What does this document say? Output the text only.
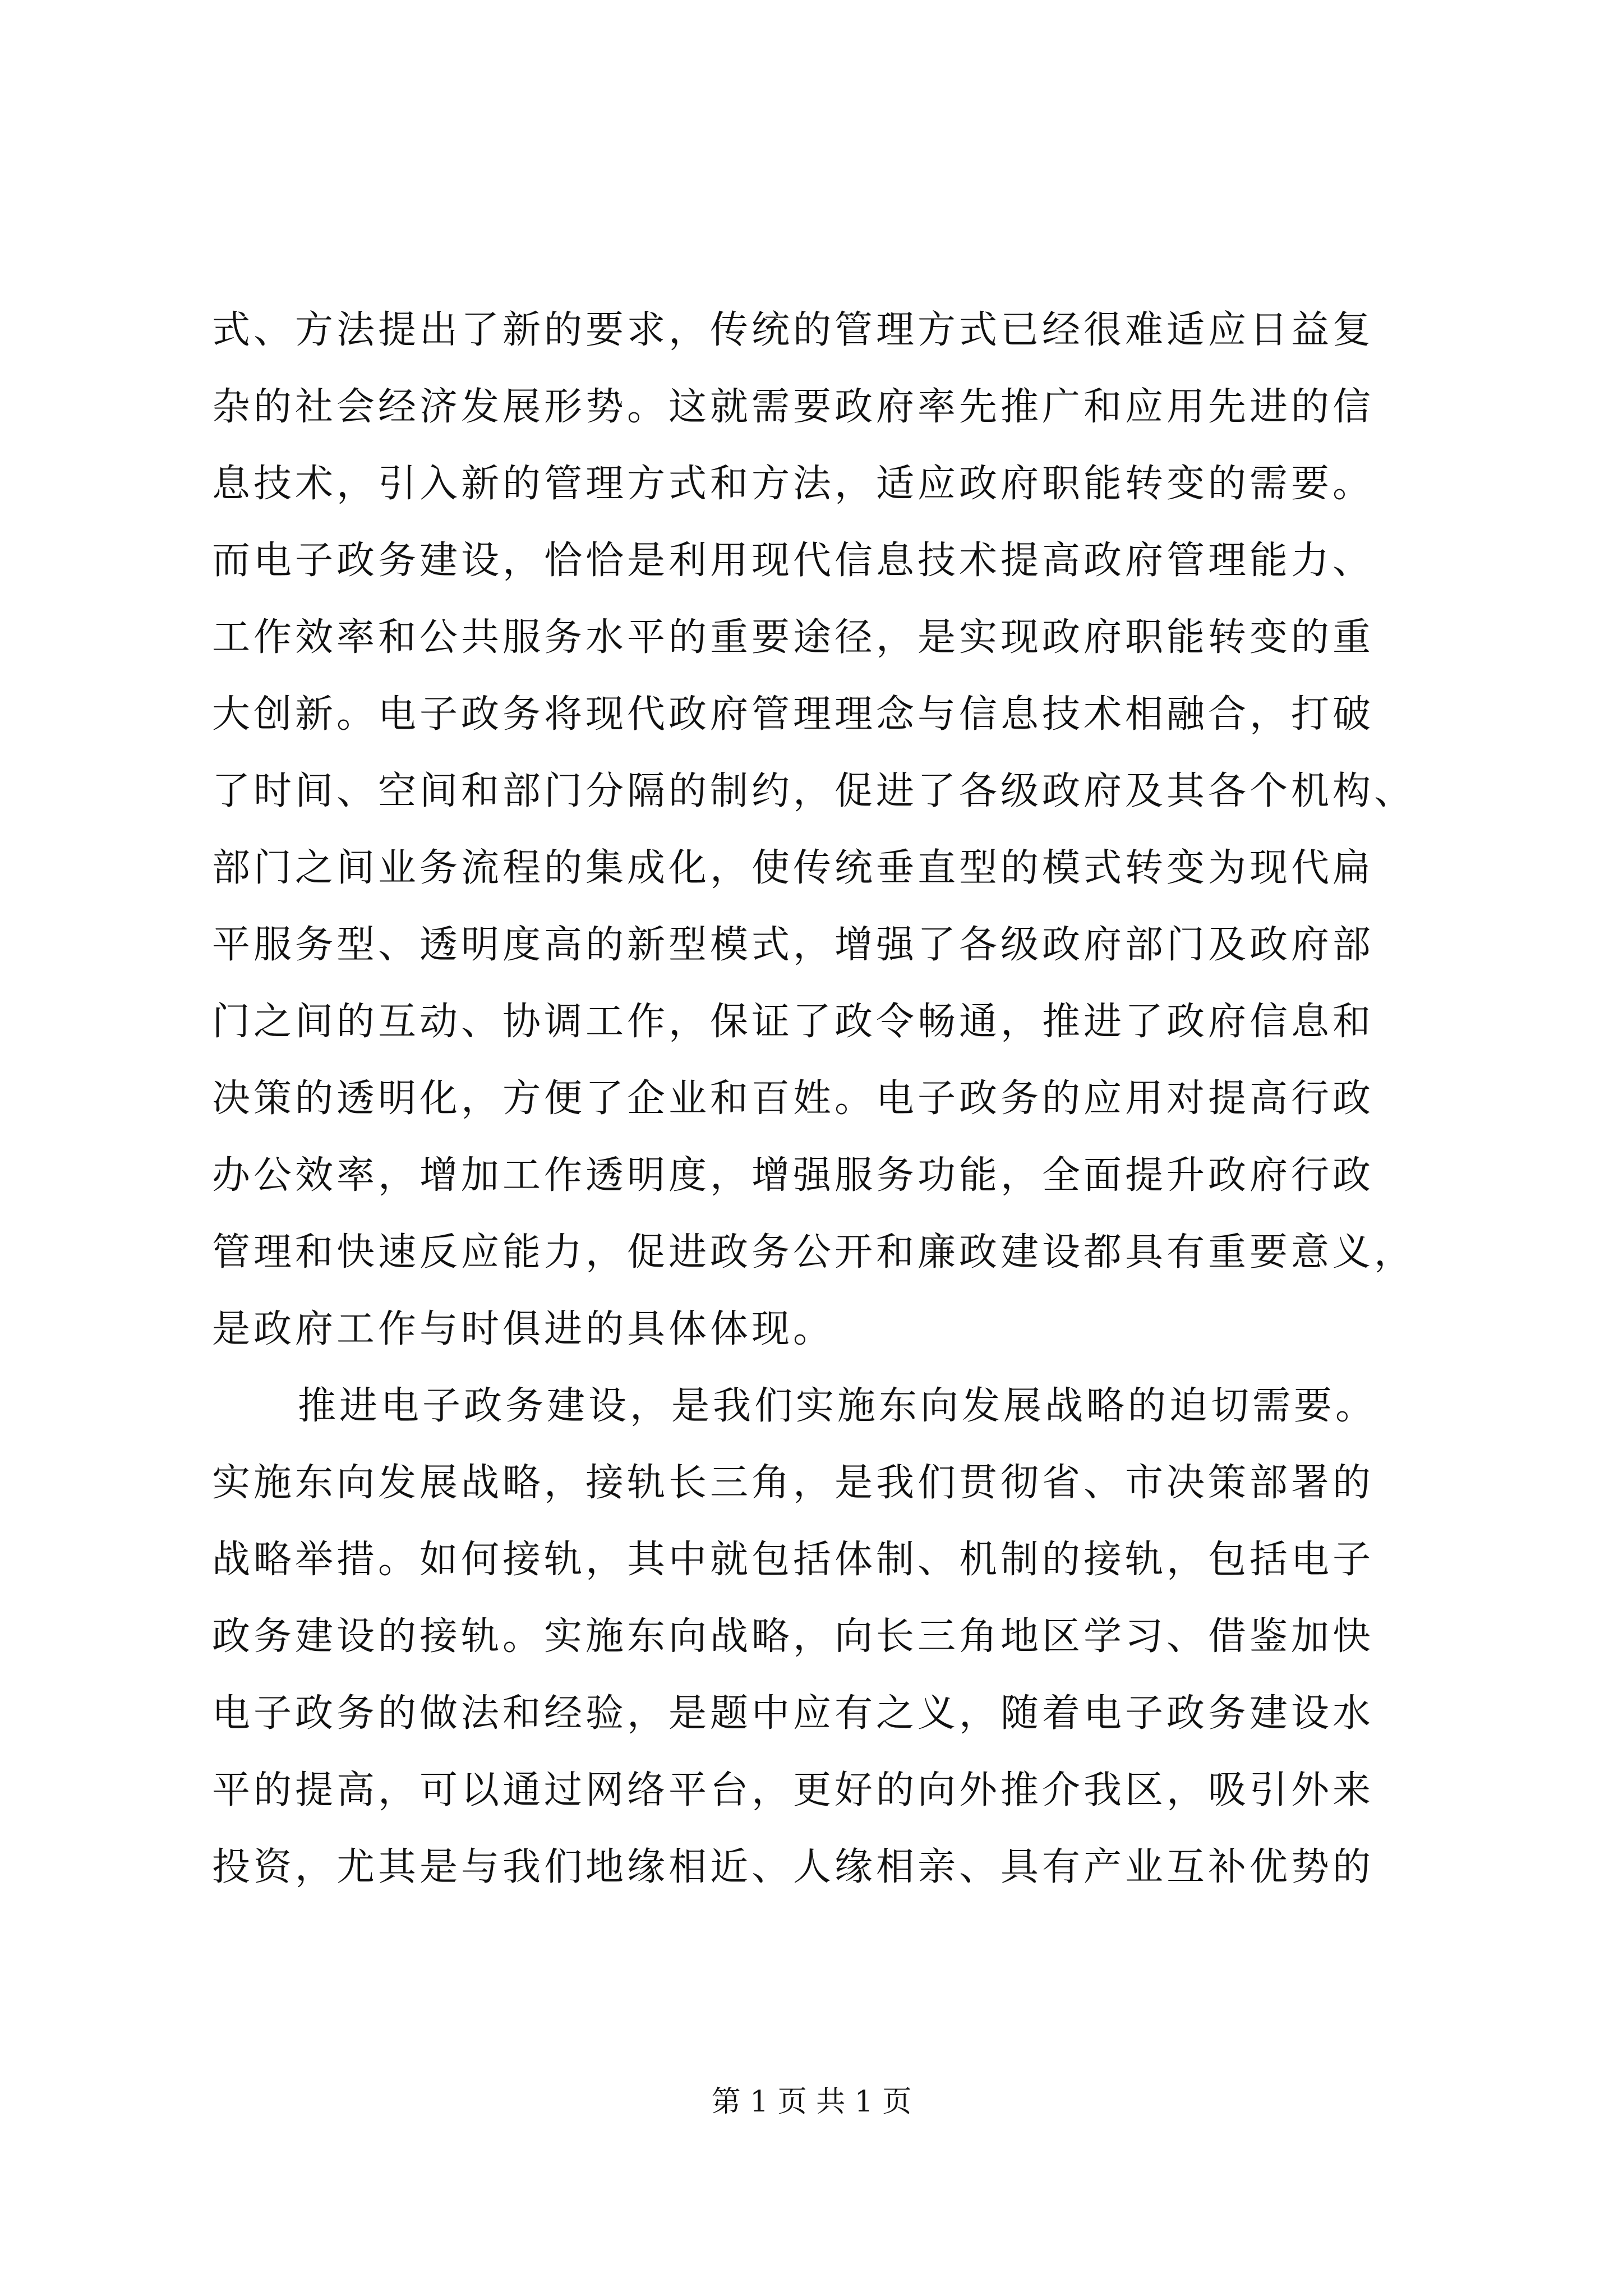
式、方法提出了新的要求，传统的管理方式已经很难适应日益复
杂的社会经济发展形势。这就需要政府率先推广和应用先进的信
息技术，引入新的管理方式和方法，适应政府职能转变的需要。
而电子政务建设，恰恰是利用现代信息技术提高政府管理能力、
工作效率和公共服务水平的重要途径，是实现政府职能转变的重
大创新。电子政务将现代政府管理理念与信息技术相融合，打破
了时间、空间和部门分隔的制约，促进了各级政府及其各个机构、
部门之间业务流程的集成化，使传统垂直型的模式转变为现代扁
平服务型、透明度高的新型模式，增强了各级政府部门及政府部
门之间的互动、协调工作，保证了政令畅通，推进了政府信息和
决策的透明化，方便了企业和百姓。电子政务的应用对提高行政
办公效率，增加工作透明度，增强服务功能，全面提升政府行政
管理和快速反应能力，促进政务公开和廉政建设都具有重要意义，
是政府工作与时俱进的具体体现。
推进电子政务建设，是我们实施东向发展战略的迫切需要。
实施东向发展战略，接轨长三角，是我们贯彻省、市决策部署的
战略举措。如何接轨，其中就包括体制、机制的接轨，包括电子
政务建设的接轨。实施东向战略，向长三角地区学习、借鉴加快
电子政务的做法和经验，是题中应有之义，随着电子政务建设水
平的提高，可以通过网络平台，更好的向外推介我区，吸引外来
投资，尤其是与我们地缘相近、人缘相亲、具有产业互补优势的
第 1 页 共 1 页
